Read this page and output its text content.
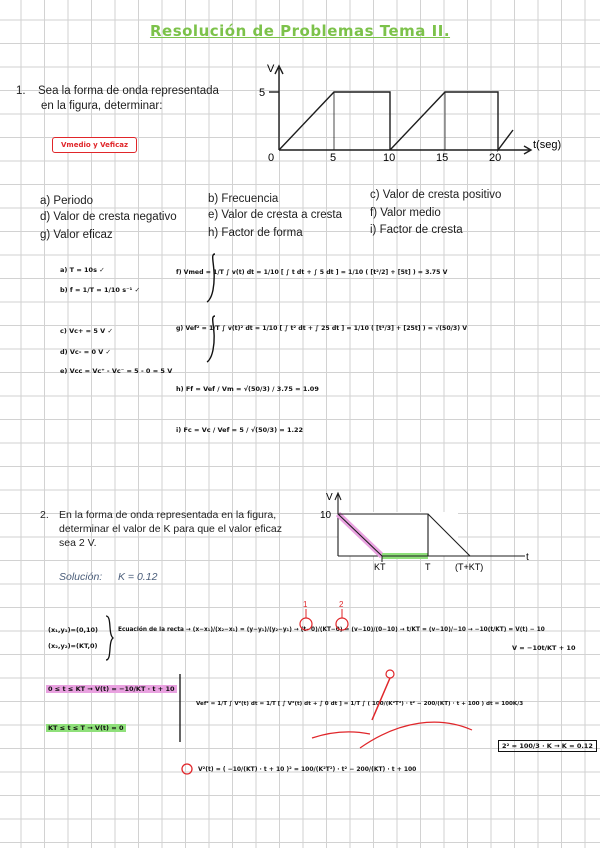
Resolución de Problemas Tema II.
1. Sea la forma de onda representada
en la figura, determinar:
Vmedio y Veficaz
V
5
0	5	10	15	20
t(seg)
a) Periodo	b) Frecuencia	c) Valor de cresta positivo
d) Valor de cresta negativo	e) Valor de cresta a cresta f) Valor medio
g) Valor eficaz	h) Factor de forma	i) Factor de cresta
a) T = 10s ✓
b) f = 1/T = 1/10 s⁻¹ ✓
c) Vc+ = 5 V ✓
d) Vc- = 0 V ✓
e) Vcc = Vc⁺ - Vc⁻ = 5 - 0 = 5 V
f) Vmed = 1/T ∫ v(t) dt = 1/10 [ ∫ t dt + ∫ 5 dt ] = 1/10 ( [t²/2] + [5t] ) = 3.75 V
g) Vef² = 1/T ∫ v(t)² dt = 1/10 [ ∫ t² dt + ∫ 25 dt ] = 1/10 ( [t³/3] + [25t] ) = √(50/3) V
h) Ff = Vef / Vm = √(50/3) / 3.75 = 1.09
i) Fc = Vc / Vef = 5 / √(50/3) = 1.22
2. En la forma de onda representada en la figura,
determinar el valor de K para que el valor eficaz
sea 2 V.
Solución: K = 0.12
V
10
t
KT	T	(T+KT)
(x₁,y₁)=(0,10)
(x₂,y₂)=(KT,0)
Ecuación de la recta → (x−x₁)/(x₂−x₁) = (y−y₁)/(y₂−y₁) → (t−0)/(KT−0) = (v−10)/(0−10) → t/KT = (v−10)/−10 → −10(t/KT) = V(t) − 10
V = −10t/KT + 10
1	2
0 ≤ t ≤ KT → V(t) = −10/KT · t + 10
KT ≤ t ≤ T → V(t) = 0
Vef² = 1/T ∫ V²(t) dt = 1/T [ ∫ V²(t) dt + ∫ 0 dt ] = 1/T ∫ ( 100/(K²T²) · t² − 200/(KT) · t + 100 ) dt = 100K/3
2² = 100/3 · K → K = 0.12
V²(t) = ( −10/(KT) · t + 10 )² = 100/(K²T²) · t² − 200/(KT) · t + 100
